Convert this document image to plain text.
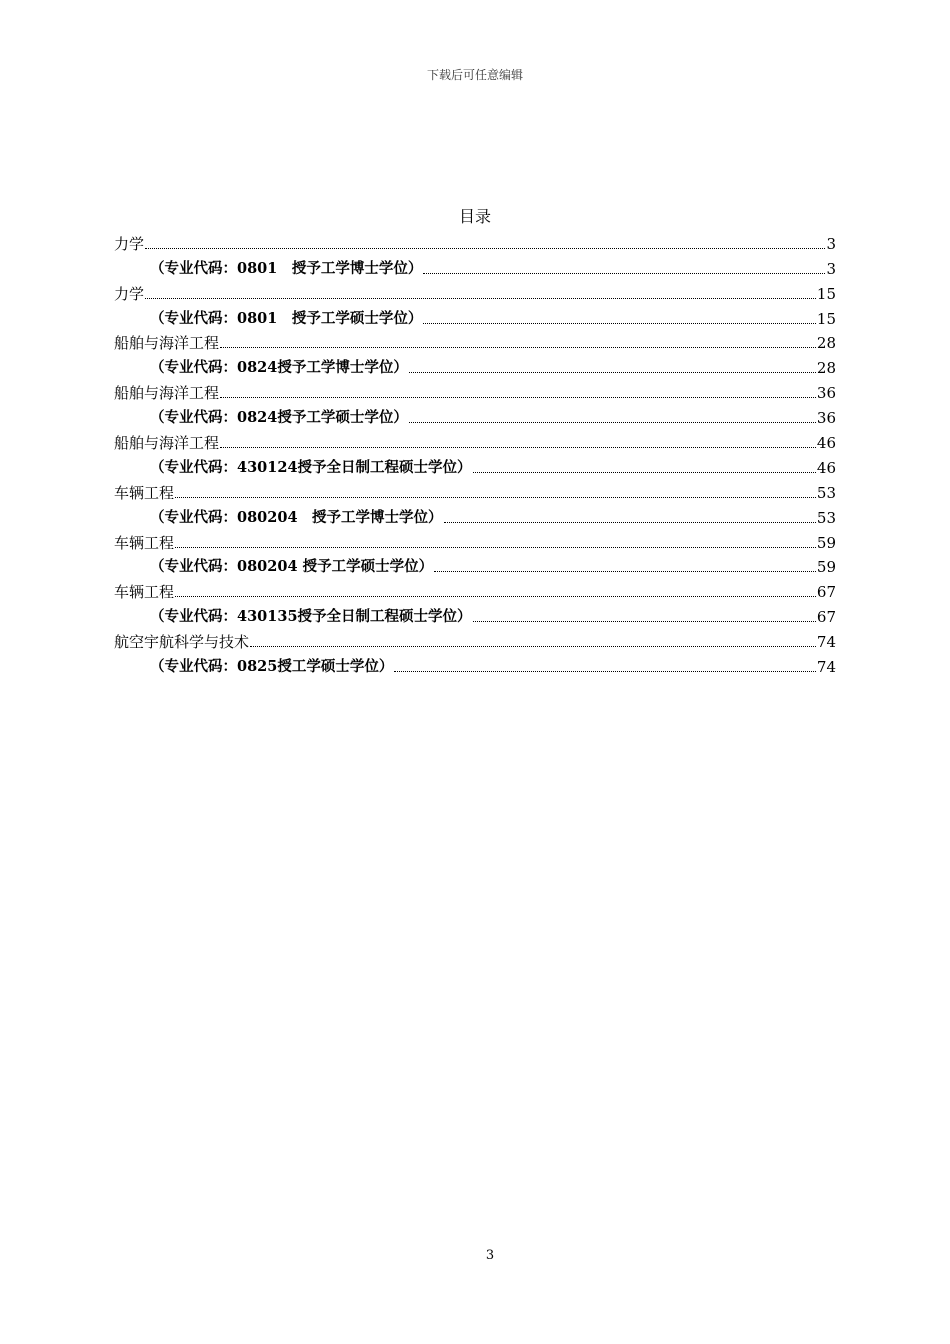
下载后可任意编辑
目录
力学	3
（专业代码：0801　授予工学博士学位）	3
力学	15
（专业代码：0801　授予工学硕士学位）	15
船舶与海洋工程	28
（专业代码：0824授予工学博士学位）	28
船舶与海洋工程	36
（专业代码：0824授予工学硕士学位）	36
船舶与海洋工程	46
（专业代码：430124授予全日制工程硕士学位）	46
车辆工程	53
（专业代码：080204　授予工学博士学位）	53
车辆工程	59
（专业代码：080204 授予工学硕士学位）	59
车辆工程	67
（专业代码：430135授予全日制工程硕士学位）	67
航空宇航科学与技术	74
（专业代码：0825授工学硕士学位）	74
3
